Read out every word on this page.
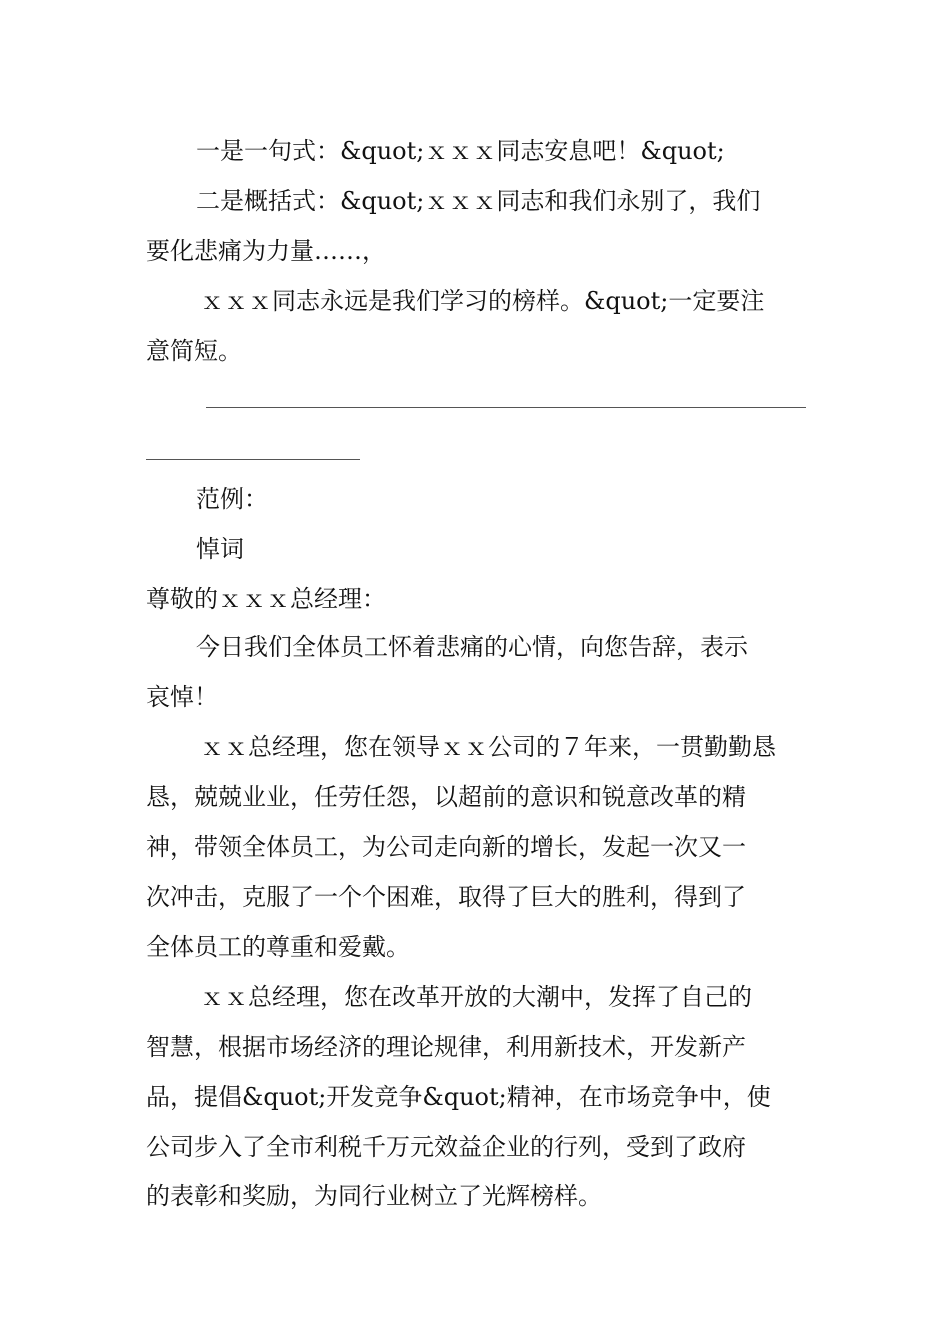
一是一句式：&quot;ｘｘｘ同志安息吧！&quot;
二是概括式：&quot;ｘｘｘ同志和我们永别了，我们
要化悲痛为力量……，
ｘｘｘ同志永远是我们学习的榜样。&quot;一定要注
意简短。
范例：
悼词
尊敬的ｘｘｘ总经理：
今日我们全体员工怀着悲痛的心情，向您告辞，表示
哀悼！
ｘｘ总经理，您在领导ｘｘ公司的７年来，一贯勤勤恳
恳，兢兢业业，任劳任怨，以超前的意识和锐意改革的精
神，带领全体员工，为公司走向新的增长，发起一次又一
次冲击，克服了一个个困难，取得了巨大的胜利，得到了
全体员工的尊重和爱戴。
ｘｘ总经理，您在改革开放的大潮中，发挥了自己的
智慧，根据市场经济的理论规律，利用新技术，开发新产
品，提倡&quot;开发竞争&quot;精神，在市场竞争中，使
公司步入了全市利税千万元效益企业的行列，受到了政府
的表彰和奖励，为同行业树立了光辉榜样。
